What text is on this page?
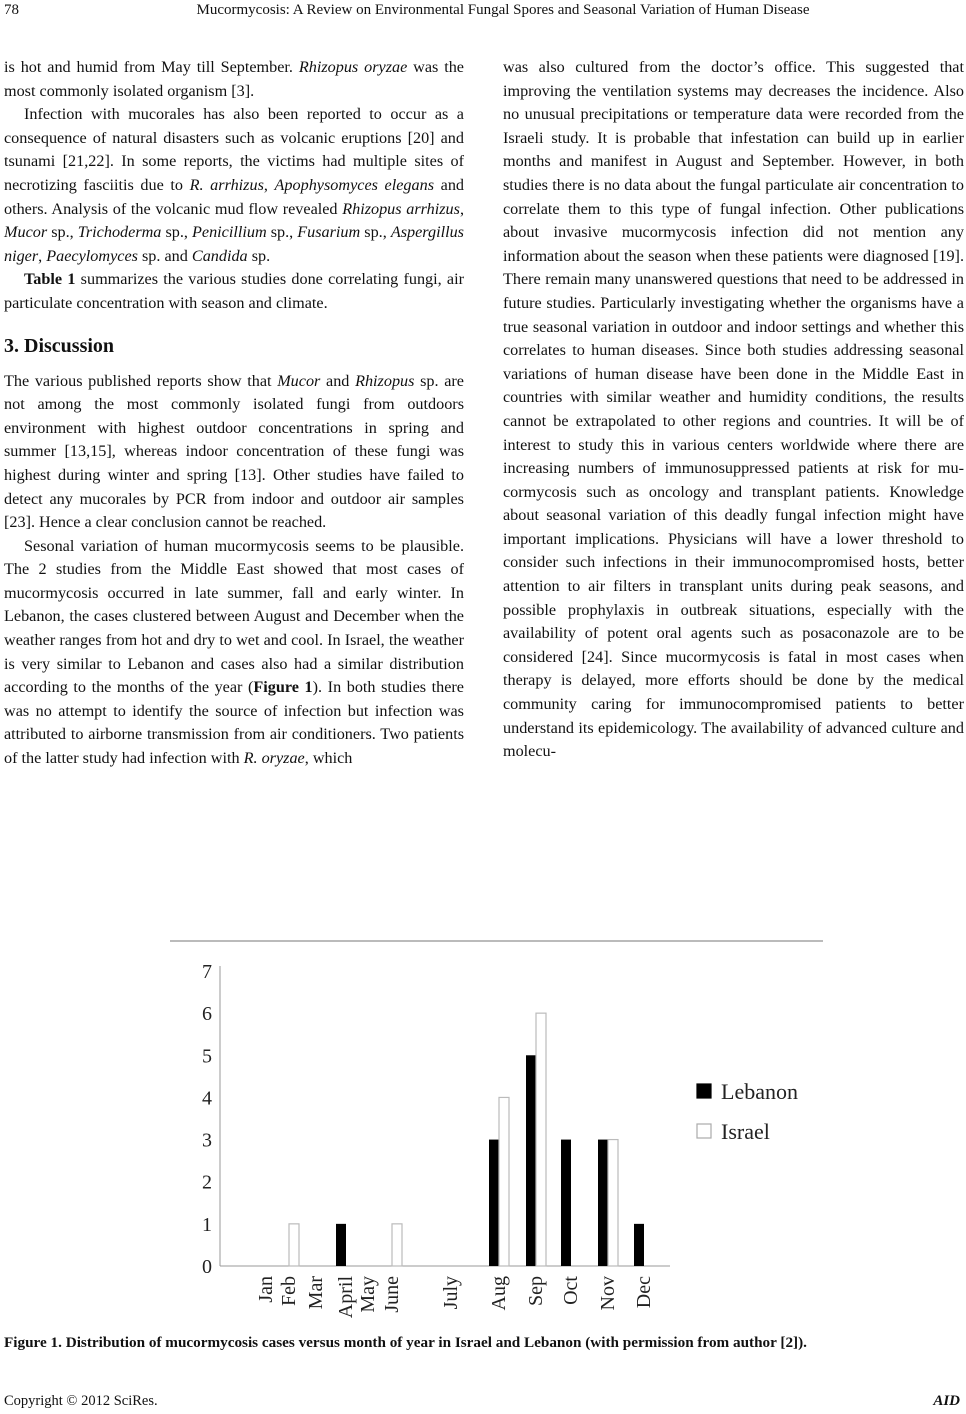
78	Mucormycosis: A Review on Environmental Fungal Spores and Seasonal Variation of Human Disease

is hot and humid from May till September. Rhizopus oryzae was the most commonly isolated organism [3].

Infection with mucorales has also been reported to occur as a consequence of natural disasters such as volcanic eruptions [20] and tsunami [21,22]. In some reports, the victims had multiple sites of necrotizing fasciitis due to R. arrhizus, Apophysomyces elegans and others. Analysis of the volcanic mud flow revealed Rhizopus arrhizus, Mucor sp., Trichoderma sp., Penicillium sp., Fusarium sp., Aspergillus niger, Paecylomyces sp. and Candida sp.

Table 1 summarizes the various studies done correlating fungi, air particulate concentration with season and climate.

3. Discussion

The various published reports show that Mucor and Rhizopus sp. are not among the most commonly isolated fungi from outdoors environment with highest outdoor concentrations in spring and summer [13,15], whereas indoor concentration of these fungi was highest during winter and spring [13]. Other studies have failed to detect any mucorales by PCR from indoor and outdoor air samples [23]. Hence a clear conclusion cannot be reached.

Sesonal variation of human mucormycosis seems to be plausible. The 2 studies from the Middle East showed that most cases of mucormycosis occurred in late summer, fall and early winter. In Lebanon, the cases clustered between August and December when the weather ranges from hot and dry to wet and cool. In Israel, the weather is very similar to Lebanon and cases also had a similar distribution according to the months of the year (Figure 1). In both studies there was no attempt to identify the source of infection but infection was attributed to airborne transmission from air conditioners. Two patients of the latter study had infection with R. oryzae, which

was also cultured from the doctor’s office. This suggested that improving the ventilation systems may decreases the incidence. Also no unusual precipitations or temperature data were recorded from the Israeli study. It is probable that infestation can build up in earlier months and manifest in August and September. However, in both studies there is no data about the fungal particulate air concentration to correlate them to this type of fungal infection. Other publications about invasive mucormycosis infection did not mention any information about the season when these patients were diagnosed [19]. There remain many unanswered questions that need to be addressed in future studies. Particularly investigating whether the organisms have a true seasonal variation in outdoor and indoor settings and whether this correlates to human diseases. Since both studies addressing seasonal variations of human disease have been done in the Middle East in countries with similar weather and humidity conditions, the results cannot be extrapolated to other regions and countries. It will be of interest to study this in various centers worldwide where there are increasing numbers of immunosuppressed patients at risk for mucormycosis such as oncology and transplant patients. Knowledge about seasonal variation of this deadly fungal infection might have important implications. Physicians will have a lower threshold to consider such infections in their immunocompromised hosts, better attention to air filters in transplant units during peak seasons, and possible prophylaxis in outbreak situations, especially with the availability of potent oral agents such as posaconazole are to be considered [24]. Since mucormycosis is fatal in most cases when therapy is delayed, more efforts should be done by the medical community caring for immunocompromised patients to better understand its epidemicology. The availability of advanced culture and molecu-

0
1
2
3
4
5
6
7
Jan Feb Mar April May June July Aug Sep Oct Nov Dec
Lebanon
Israel
Figure 1. Distribution of mucormycosis cases versus month of year in Israel and Lebanon (with permission from author [2]).
Copyright © 2012 SciRes.	AID
